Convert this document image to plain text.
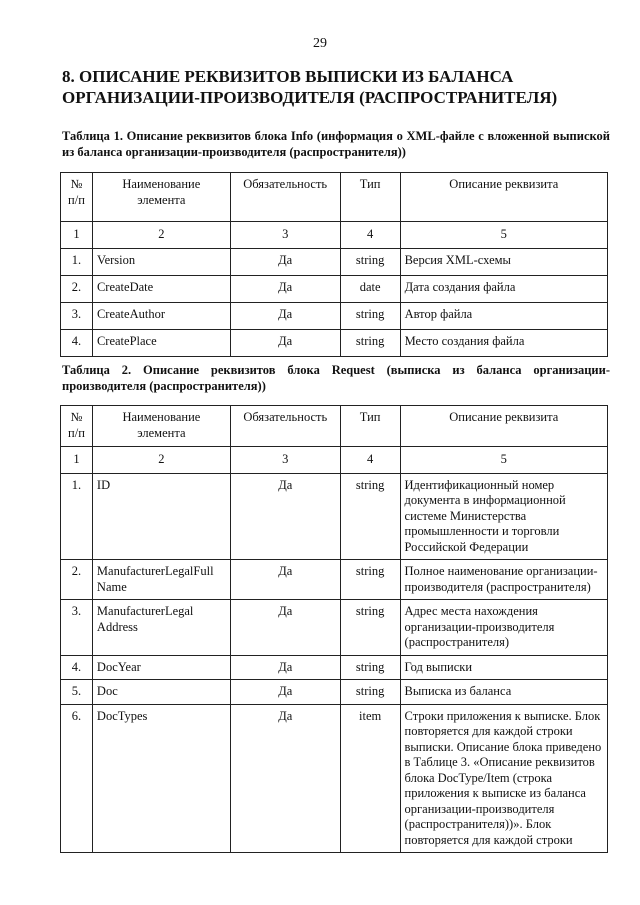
29
8. ОПИСАНИЕ РЕКВИЗИТОВ ВЫПИСКИ ИЗ БАЛАНСА ОРГАНИЗАЦИИ-ПРОИЗВОДИТЕЛЯ (РАСПРОСТРАНИТЕЛЯ)
Таблица 1. Описание реквизитов блока Info (информация о XML-файле с вложенной выпиской из баланса организации-производителя (распространителя))
№ п/п	Наименование элемента	Обязательность	Тип	Описание реквизита
1	2	3	4	5
1.	Version	Да	string	Версия XML-схемы
2.	CreateDate	Да	date	Дата создания файла
3.	CreateAuthor	Да	string	Автор файла
4.	CreatePlace	Да	string	Место создания файла
Таблица 2. Описание реквизитов блока Request (выписка из баланса организации-производителя (распространителя))
№ п/п	Наименование элемента	Обязательность	Тип	Описание реквизита
1	2	3	4	5
1.	ID	Да	string	Идентификационный номер документа в информационной системе Министерства промышленности и торговли Российской Федерации
2.	ManufacturerLegalFull Name	Да	string	Полное наименование организации-производителя (распространителя)
3.	ManufacturerLegal Address	Да	string	Адрес места нахождения организации-производителя (распространителя)
4.	DocYear	Да	string	Год выписки
5.	Doc	Да	string	Выписка из баланса
6.	DocTypes	Да	item	Строки приложения к выписке. Блок повторяется для каждой строки выписки. Описание блока приведено в Таблице 3. «Описание реквизитов блока DocType/Item (строка приложения к выписке из баланса организации-производителя (распространителя))». Блок повторяется для каждой строки
